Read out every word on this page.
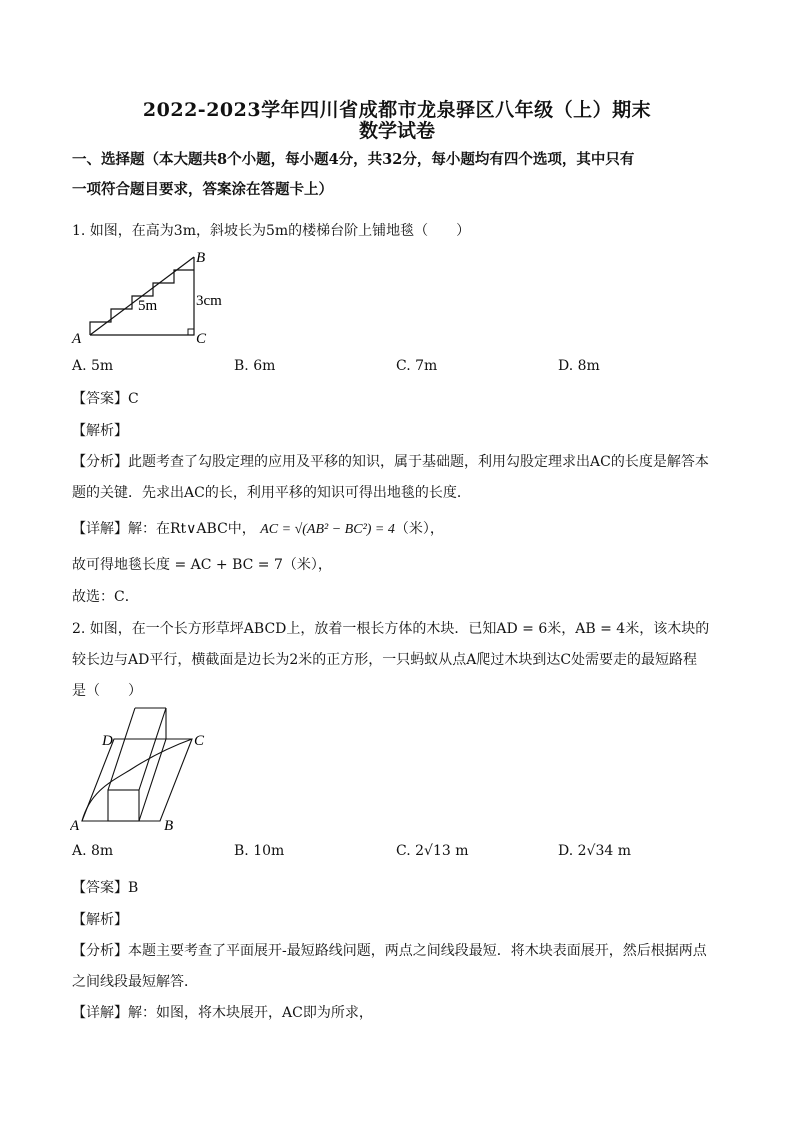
2022-2023学年四川省成都市龙泉驿区八年级（上）期末
数学试卷
一、选择题（本大题共8个小题，每小题4分，共32分，每小题均有四个选项，其中只有
一项符合题目要求，答案涂在答题卡上）
1. 如图，在高为3m，斜坡长为5m的楼梯台阶上铺地毯（　　）
A
B
C
5m	3cm
A. 5m	B. 6m	C. 7m	D. 8m
【答案】C
【解析】
【分析】此题考查了勾股定理的应用及平移的知识，属于基础题，利用勾股定理求出AC的长度是解答本
题的关键．先求出AC的长，利用平移的知识可得出地毯的长度．
【详解】解：在Rt∨ABC中， AC = √(AB² − BC²) = 4（米），
故可得地毯长度 = AC + BC = 7（米），
故选：C．
2. 如图，在一个长方形草坪ABCD上，放着一根长方体的木块．已知AD = 6米，AB = 4米，该木块的
较长边与AD平行，横截面是边长为2米的正方形，一只蚂蚁从点A爬过木块到达C处需要走的最短路程
是（　　）
A	B
C
D
A. 8m	B. 10m	C. 2√13 m	D. 2√34 m
【答案】B
【解析】
【分析】本题主要考查了平面展开-最短路线问题，两点之间线段最短．将木块表面展开，然后根据两点
之间线段最短解答．
【详解】解：如图，将木块展开，AC即为所求，
